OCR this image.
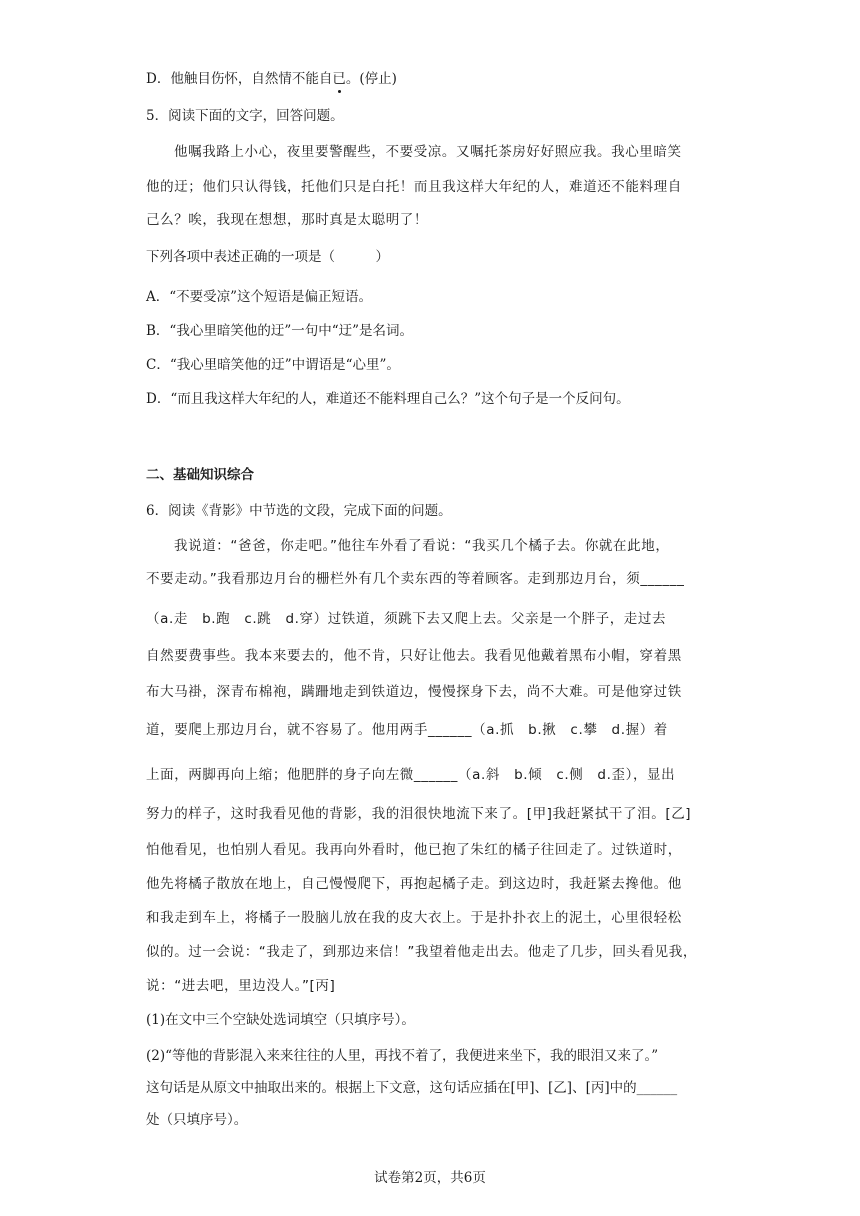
D．他触目伤怀，自然情不能自已。(停止)
5．阅读下面的文字，回答问题。
他嘱我路上小心，夜里要警醒些，不要受凉。又嘱托茶房好好照应我。我心里暗笑
他的迂；他们只认得钱，托他们只是白托！而且我这样大年纪的人，难道还不能料理自
己么？唉，我现在想想，那时真是太聪明了！
下列各项中表述正确的一项是（　　　）
A．“不要受凉”这个短语是偏正短语。
B．“我心里暗笑他的迂”一句中“迂”是名词。
C．“我心里暗笑他的迂”中谓语是“心里”。
D．“而且我这样大年纪的人，难道还不能料理自己么？”这个句子是一个反问句。
二、基础知识综合
6．阅读《背影》中节选的文段，完成下面的问题。
我说道：“爸爸，你走吧。”他往车外看了看说：“我买几个橘子去。你就在此地，
不要走动。”我看那边月台的栅栏外有几个卖东西的等着顾客。走到那边月台，须______
（a.走　b.跑　c.跳　d.穿）过铁道，须跳下去又爬上去。父亲是一个胖子，走过去
自然要费事些。我本来要去的，他不肯，只好让他去。我看见他戴着黑布小帽，穿着黑
布大马褂，深青布棉袍，蹒跚地走到铁道边，慢慢探身下去，尚不大难。可是他穿过铁
道，要爬上那边月台，就不容易了。他用两手______（a.抓　b.揪　c.攀　d.握）着
上面，两脚再向上缩；他肥胖的身子向左微______（a.斜　b.倾　c.侧　d.歪），显出
努力的样子，这时我看见他的背影，我的泪很快地流下来了。[甲]我赶紧拭干了泪。[乙]
怕他看见，也怕别人看见。我再向外看时，他已抱了朱红的橘子往回走了。过铁道时，
他先将橘子散放在地上，自己慢慢爬下，再抱起橘子走。到这边时，我赶紧去搀他。他
和我走到车上，将橘子一股脑儿放在我的皮大衣上。于是扑扑衣上的泥土，心里很轻松
似的。过一会说：“我走了，到那边来信！”我望着他走出去。他走了几步，回头看见我，
说：“进去吧，里边没人。”[丙]
(1)在文中三个空缺处选词填空（只填序号）。
(2)“等他的背影混入来来往往的人里，再找不着了，我便进来坐下，我的眼泪又来了。”
这句话是从原文中抽取出来的。根据上下文意，这句话应插在[甲]、[乙]、[丙]中的______
处（只填序号）。
试卷第2页，共6页
